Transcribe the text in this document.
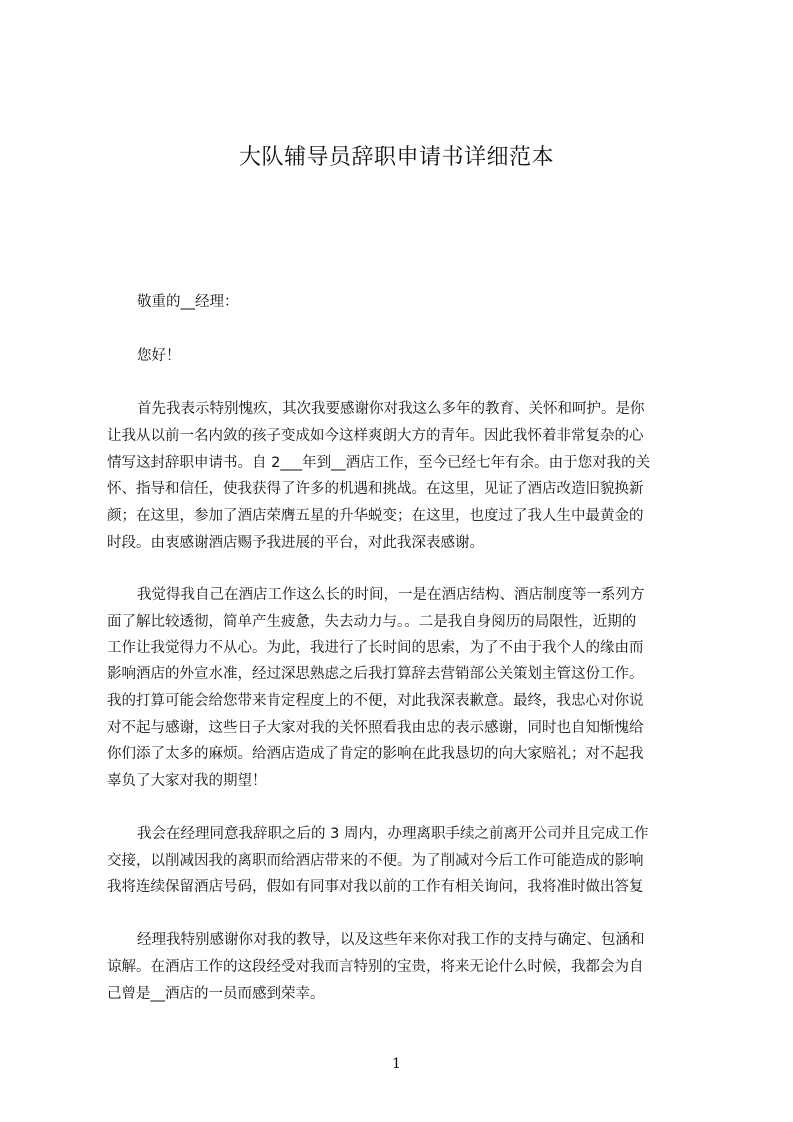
大队辅导员辞职申请书详细范本

敬重的__经理：

您好！

首先我表示特别愧疚，其次我要感谢你对我这么多年的教育、关怀和呵护。是你

让我从以前一名内敛的孩子变成如今这样爽朗大方的青年。因此我怀着非常复杂的心

情写这封辞职申请书。自 2___年到__酒店工作，至今已经七年有余。由于您对我的关

怀、指导和信任，使我获得了许多的机遇和挑战。在这里，见证了酒店改造旧貌换新

颜；在这里，参加了酒店荣膺五星的升华蜕变；在这里，也度过了我人生中最黄金的

时段。由衷感谢酒店赐予我进展的平台，对此我深表感谢。

我觉得我自己在酒店工作这么长的时间，一是在酒店结构、酒店制度等一系列方

面了解比较透彻，简单产生疲惫，失去动力与。。二是我自身阅历的局限性，近期的

工作让我觉得力不从心。为此，我进行了长时间的思索，为了不由于我个人的缘由而

影响酒店的外宣水准，经过深思熟虑之后我打算辞去营销部公关策划主管这份工作。

我的打算可能会给您带来肯定程度上的不便，对此我深表歉意。最终，我忠心对你说

对不起与感谢，这些日子大家对我的关怀照看我由忠的表示感谢，同时也自知惭愧给

你们添了太多的麻烦。给酒店造成了肯定的影响在此我恳切的向大家赔礼；对不起我

辜负了大家对我的期望！

我会在经理同意我辞职之后的 3 周内，办理离职手续之前离开公司并且完成工作

交接，以削减因我的离职而给酒店带来的不便。为了削减对今后工作可能造成的影响

我将连续保留酒店号码，假如有同事对我以前的工作有相关询问，我将准时做出答复

经理我特别感谢你对我的教导，以及这些年来你对我工作的支持与确定、包涵和

谅解。在酒店工作的这段经受对我而言特别的宝贵，将来无论什么时候，我都会为自

己曾是__酒店的一员而感到荣幸。

1
